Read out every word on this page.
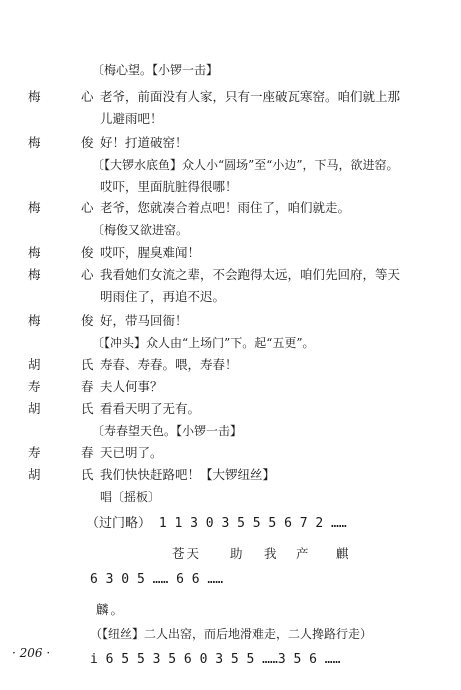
〔梅心望。【小锣一击】
梅　心
老爷，前面没有人家，只有一座破瓦寒窑。咱们就上那
儿避雨吧！
梅　俊
好！打道破窑！
〔【大锣水底鱼】众人小“圆场”至“小边”，下马，欲进窑。
哎吓，里面肮脏得很哪！
梅　心
老爷，您就凑合着点吧！雨住了，咱们就走。
〔梅俊又欲进窑。
梅　俊
哎吓，腥臭难闻！
梅　心
我看她们女流之辈，不会跑得太远，咱们先回府，等天
明雨住了，再追不迟。
梅　俊
好，带马回衙！
〔【冲头】众人由“上场门”下。起“五更”。
胡　氏
寿春、寿春。喂，寿春！
寿　春
夫人何事？
胡　氏
看看天明了无有。
〔寿春望天色。【小锣一击】
寿　春
天已明了。
胡　氏
我们快快赶路吧！【大锣纽丝】
唱〔摇板〕
（过门略） 1 1 3 0 3 5 5 5 6 7 2 ……
苍天 助 我 产 麒
6 3 0 5 …… 6 6 ……
麟。
（【纽丝】二人出窑，而后地滑难走，二人搀路行走）
i 6 5 5 3 5 6 0 3 5 5 ……3 5 6 ……
· 206 ·
